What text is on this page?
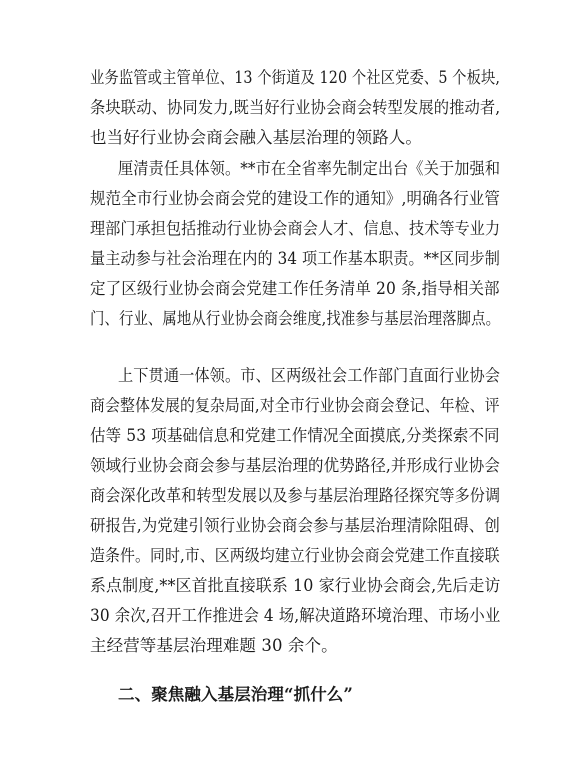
业务监管或主管单位、13 个街道及 120 个社区党委、5 个板块,
条块联动、协同发力,既当好行业协会商会转型发展的推动者,
也当好行业协会商会融入基层治理的领路人。
厘清责任具体领。**市在全省率先制定出台《关于加强和
规范全市行业协会商会党的建设工作的通知》,明确各行业管
理部门承担包括推动行业协会商会人才、信息、技术等专业力
量主动参与社会治理在内的 34 项工作基本职责。**区同步制
定了区级行业协会商会党建工作任务清单 20 条,指导相关部
门、行业、属地从行业协会商会维度,找准参与基层治理落脚点。
上下贯通一体领。市、区两级社会工作部门直面行业协会
商会整体发展的复杂局面,对全市行业协会商会登记、年检、评
估等 53 项基础信息和党建工作情况全面摸底,分类探索不同
领域行业协会商会参与基层治理的优势路径,并形成行业协会
商会深化改革和转型发展以及参与基层治理路径探究等多份调
研报告,为党建引领行业协会商会参与基层治理清除阻碍、创
造条件。同时,市、区两级均建立行业协会商会党建工作直接联
系点制度,**区首批直接联系 10 家行业协会商会,先后走访
30 余次,召开工作推进会 4 场,解决道路环境治理、市场小业
主经营等基层治理难题 30 余个。
二、聚焦融入基层治理“抓什么”
